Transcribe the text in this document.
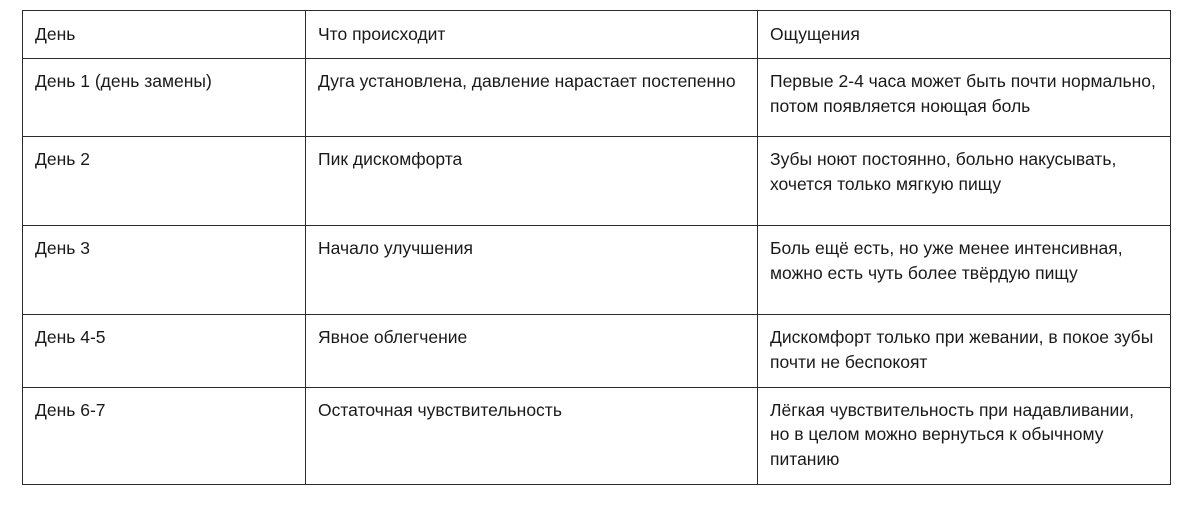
День	Что происходит	Ощущения

День 1 (день замены)	Дуга установлена, давление нарастает постепенно	Первые 2-4 часа может быть почти нормально, потом появляется ноющая боль

День 2	Пик дискомфорта	Зубы ноют постоянно, больно накусывать, хочется только мягкую пищу

День 3	Начало улучшения	Боль ещё есть, но уже менее интенсивная, можно есть чуть более твёрдую пищу

День 4-5	Явное облегчение	Дискомфорт только при жевании, в покое зубы почти не беспокоят

День 6-7	Остаточная чувствительность	Лёгкая чувствительность при надавливании, но в целом можно вернуться к обычному питанию
